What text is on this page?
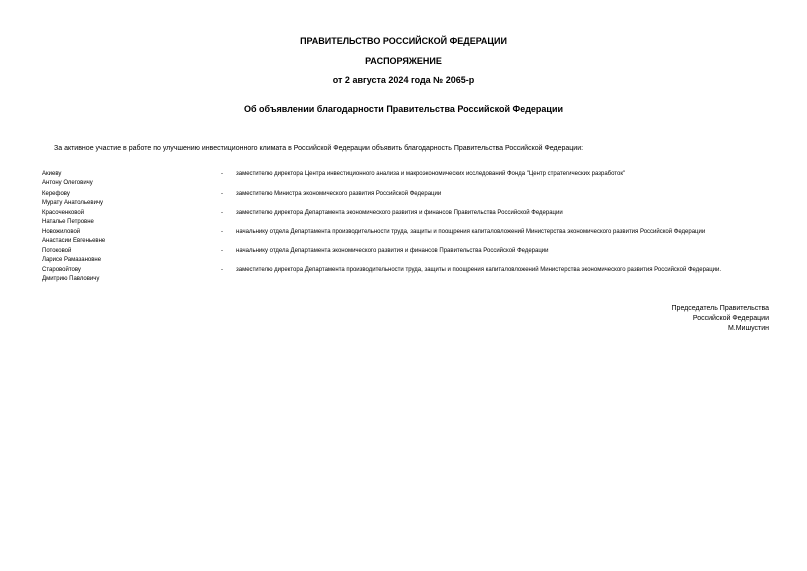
ПРАВИТЕЛЬСТВО РОССИЙСКОЙ ФЕДЕРАЦИИ
РАСПОРЯЖЕНИЕ
от 2 августа 2024 года № 2065-р
Об объявлении благодарности Правительства Российской Федерации
За активное участие в работе по улучшению инвестиционного климата в Российской Федерации объявить благодарность Правительства Российской Федерации:
Акиеву
Антону Олеговичу
- заместителю директора Центра инвестиционного анализа и макроэкономических исследований Фонда "Центр стратегических разработок"
Керефову
Мурату Анатольевичу
- заместителю Министра экономического развития Российской Федерации
Красоченковой
Наталье Петровне
- заместителю директора Департамента экономического развития и финансов Правительства Российской Федерации
Новожиловой
Анастасии Евгеньевне
- начальнику отдела Департамента производительности труда, защиты и поощрения капиталовложений Министерства экономического развития Российской Федерации
Потоковой
Ларисе Рамазановне
- начальнику отдела Департамента экономического развития и финансов Правительства Российской Федерации
Старовойтову
Дмитрию Павловичу
- заместителю директора Департамента производительности труда, защиты и поощрения капиталовложений Министерства экономического развития Российской Федерации.
Председатель Правительства
Российской Федерации
М.Мишустин
